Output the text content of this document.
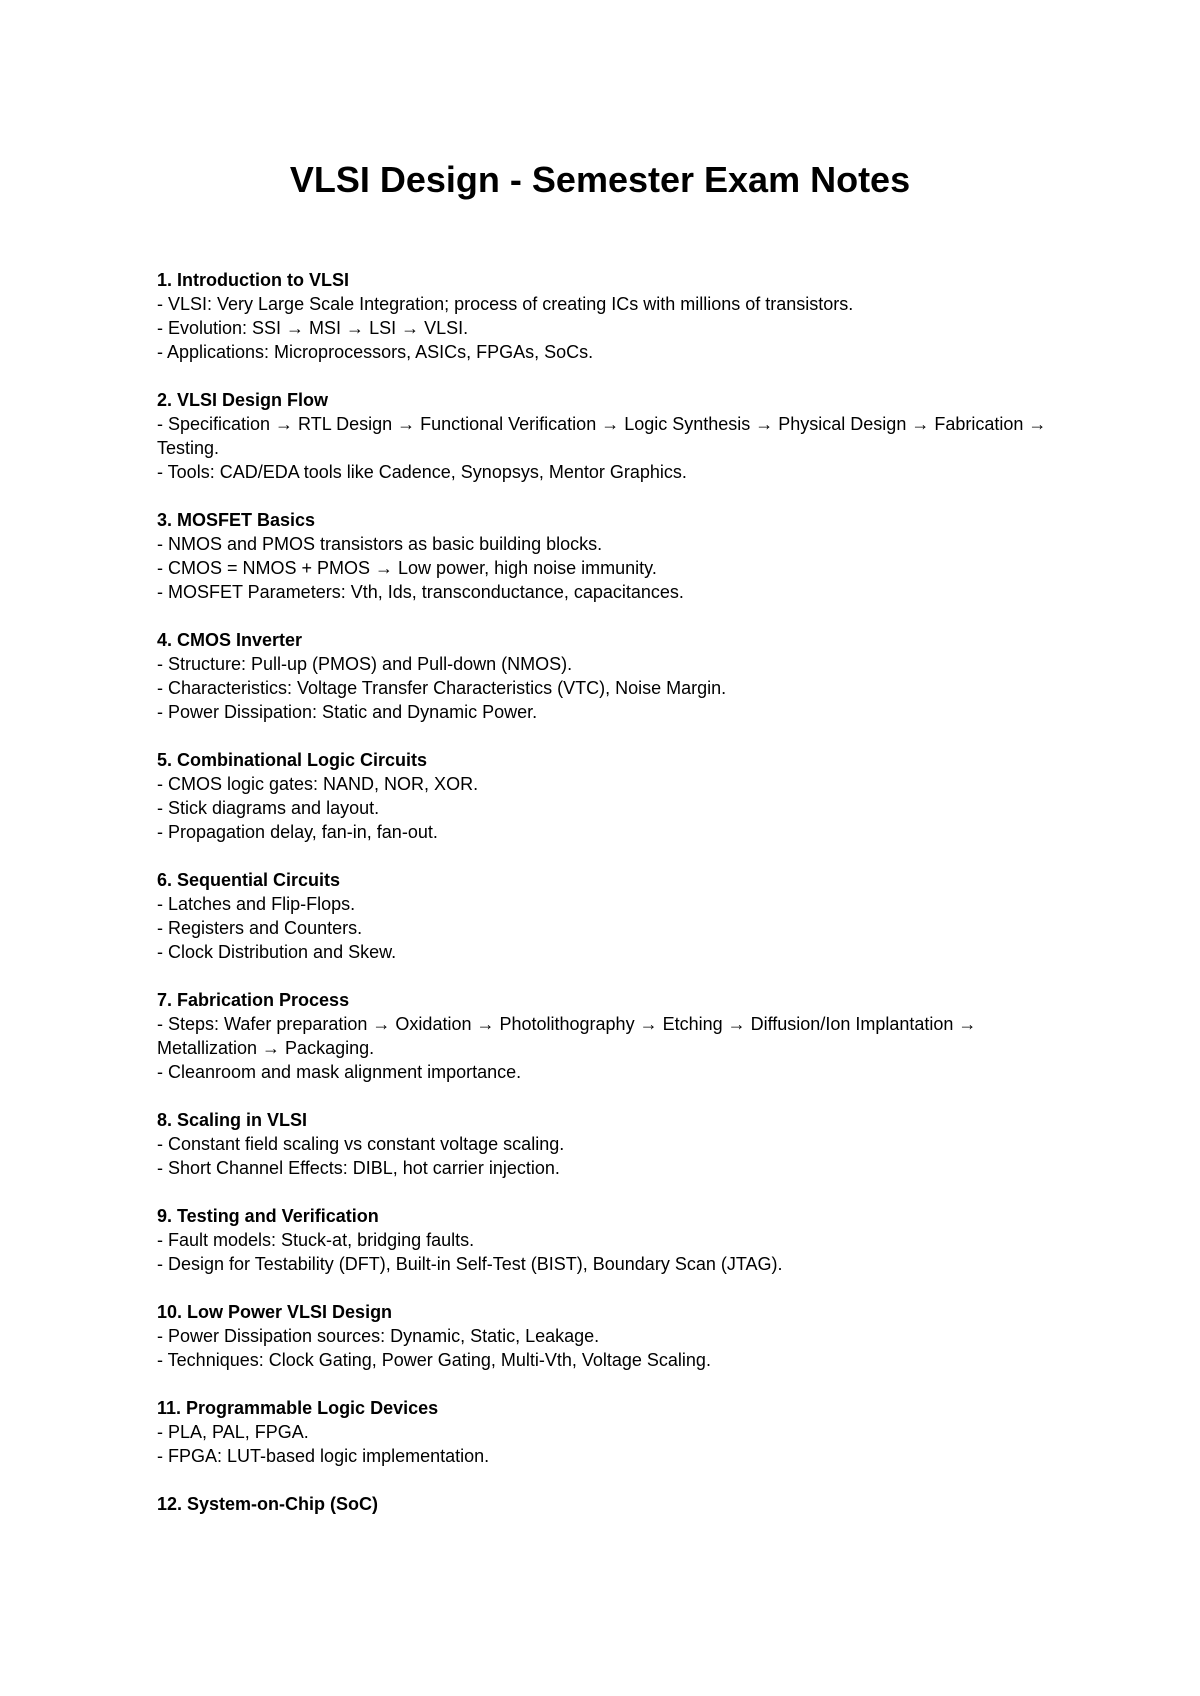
VLSI Design - Semester Exam Notes
1. Introduction to VLSI
- VLSI: Very Large Scale Integration; process of creating ICs with millions of transistors.
- Evolution: SSI → MSI → LSI → VLSI.
- Applications: Microprocessors, ASICs, FPGAs, SoCs.
2. VLSI Design Flow
- Specification → RTL Design → Functional Verification → Logic Synthesis → Physical Design → Fabrication → Testing.
- Tools: CAD/EDA tools like Cadence, Synopsys, Mentor Graphics.
3. MOSFET Basics
- NMOS and PMOS transistors as basic building blocks.
- CMOS = NMOS + PMOS → Low power, high noise immunity.
- MOSFET Parameters: Vth, Ids, transconductance, capacitances.
4. CMOS Inverter
- Structure: Pull-up (PMOS) and Pull-down (NMOS).
- Characteristics: Voltage Transfer Characteristics (VTC), Noise Margin.
- Power Dissipation: Static and Dynamic Power.
5. Combinational Logic Circuits
- CMOS logic gates: NAND, NOR, XOR.
- Stick diagrams and layout.
- Propagation delay, fan-in, fan-out.
6. Sequential Circuits
- Latches and Flip-Flops.
- Registers and Counters.
- Clock Distribution and Skew.
7. Fabrication Process
- Steps: Wafer preparation → Oxidation → Photolithography → Etching → Diffusion/Ion Implantation → Metallization → Packaging.
- Cleanroom and mask alignment importance.
8. Scaling in VLSI
- Constant field scaling vs constant voltage scaling.
- Short Channel Effects: DIBL, hot carrier injection.
9. Testing and Verification
- Fault models: Stuck-at, bridging faults.
- Design for Testability (DFT), Built-in Self-Test (BIST), Boundary Scan (JTAG).
10. Low Power VLSI Design
- Power Dissipation sources: Dynamic, Static, Leakage.
- Techniques: Clock Gating, Power Gating, Multi-Vth, Voltage Scaling.
11. Programmable Logic Devices
- PLA, PAL, FPGA.
- FPGA: LUT-based logic implementation.
12. System-on-Chip (SoC)
